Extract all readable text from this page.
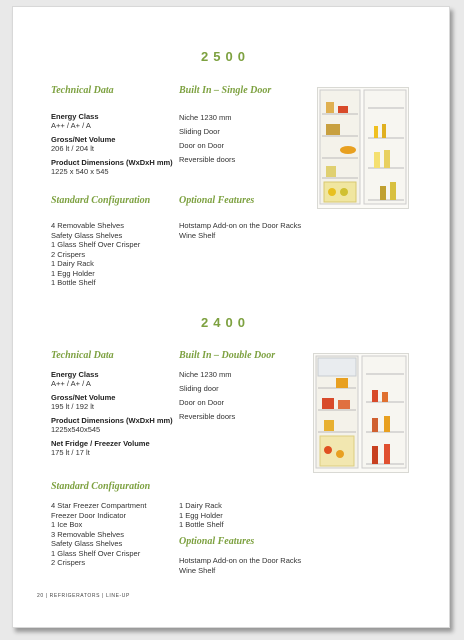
2500
Technical Data
Energy Class
A++ / A+ / A
Gross/Net Volume
206 lt / 204 lt
Product Dimensions (WxDxH mm)
1225 x 540 x 545
Built In – Single Door
Niche 1230 mm
Sliding Door
Door on Door
Reversible doors
Standard Configuration
4 Removable Shelves
Safety Glass Shelves
1 Glass Shelf Over Crisper
2 Crispers
1 Dairy Rack
1 Egg Holder
1 Bottle Shelf
Optional Features
Hotstamp Add-on on the Door Racks
Wine Shelf
2400
Technical Data
Energy Class
A++ / A+ / A
Gross/Net Volume
195 lt / 192 lt
Product Dimensions (WxDxH mm)
1225x540x545
Net Fridge / Freezer Volume
175 lt / 17 lt
Built In – Double Door
Niche 1230 mm
Sliding door
Door on Door
Reversible doors
Standard Configuration
4 Star Freezer Compartment
Freezer Door Indicator
1 Ice Box
3 Removable Shelves
Safety Glass Shelves
1 Glass Shelf Over Crisper
2 Crispers
1 Dairy Rack
1 Egg Holder
1 Bottle Shelf
Optional Features
Hotstamp Add-on on the Door Racks
Wine Shelf
20 | REFRIGERATORS | LINE-UP
